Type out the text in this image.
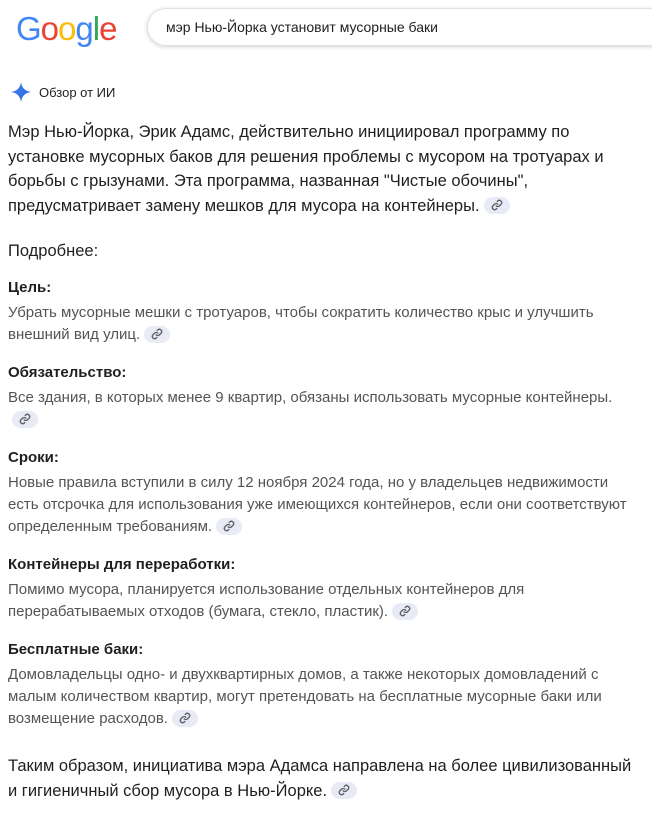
Google
мэр Нью-Йорка установит мусорные баки
Обзор от ИИ

Мэр Нью-Йорка, Эрик Адамс, действительно инициировал программу по установке мусорных баков для решения проблемы с мусором на тротуарах и борьбы с грызунами. Эта программа, названная "Чистые обочины", предусматривает замену мешков для мусора на контейнеры.

Подробнее:

Цель:

Убрать мусорные мешки с тротуаров, чтобы сократить количество крыс и улучшить внешний вид улиц.

Обязательство:

Все здания, в которых менее 9 квартир, обязаны использовать мусорные контейнеры.

Сроки:

Новые правила вступили в силу 12 ноября 2024 года, но у владельцев недвижимости есть отсрочка для использования уже имеющихся контейнеров, если они соответствуют определенным требованиям.

Контейнеры для переработки:

Помимо мусора, планируется использование отдельных контейнеров для перерабатываемых отходов (бумага, стекло, пластик).

Бесплатные баки:

Домовладельцы одно- и двухквартирных домов, а также некоторых домовладений с малым количеством квартир, могут претендовать на бесплатные мусорные баки или возмещение расходов.

Таким образом, инициатива мэра Адамса направлена на более цивилизованный и гигиеничный сбор мусора в Нью-Йорке.
